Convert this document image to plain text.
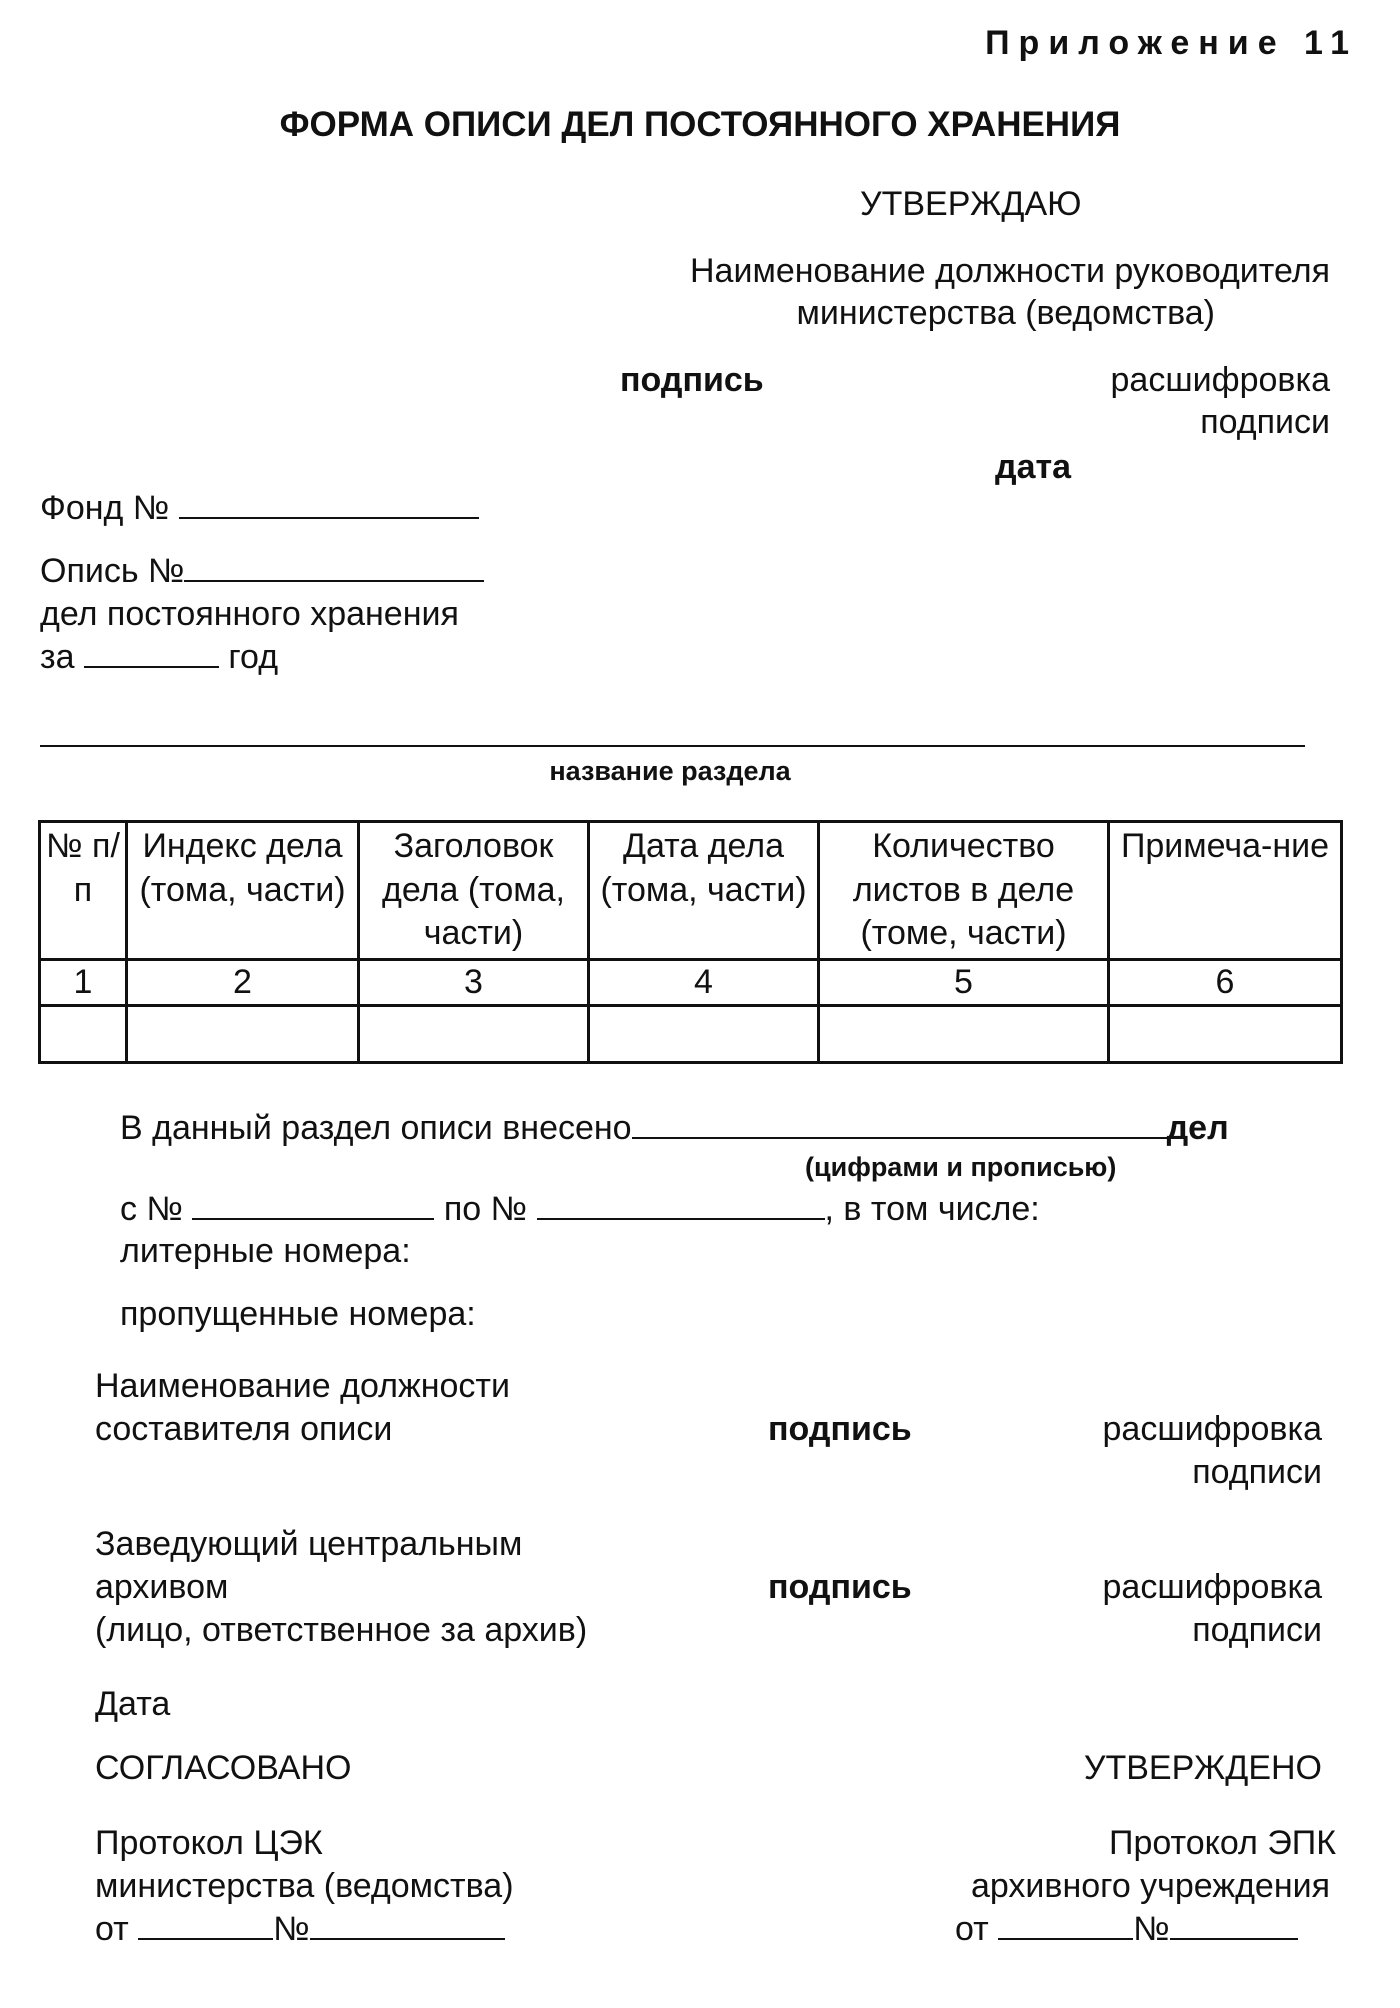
Приложение 11
ФОРМА ОПИСИ ДЕЛ ПОСТОЯННОГО ХРАНЕНИЯ
УТВЕРЖДАЮ
Наименование должности руководителя
министерства (ведомства)
подпись	расшифровка
подписи
дата
Фонд №
Опись №
дел постоянного хранения
за	год
название раздела
№ п/п	Индекс дела (тома, части)	Заголовок дела (тома, части)	Дата дела (тома, части)	Количество листов в деле (томе, части)	Примеча-ние
1	2	3	4	5	6

В данный раздел описи внесено	дел
(цифрами и прописью)
с №	по №	, в том числе:
литерные номера:
пропущенные номера:
Наименование должности
составителя описи	подпись	расшифровка
подписи
Заведующий центральным
архивом
(лицо, ответственное за архив)
подпись	расшифровка
подписи
Дата
СОГЛАСОВАНО	УТВЕРЖДЕНО
Протокол ЦЭК
министерства (ведомства)
от	№
Протокол ЭПК
архивного учреждения
от	№
